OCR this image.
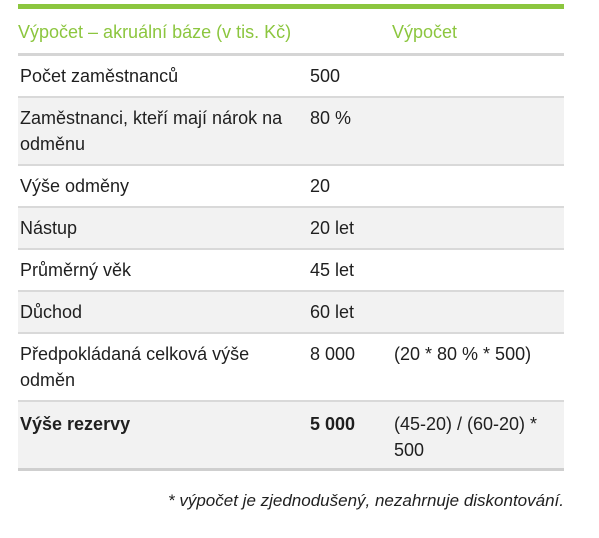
Výpočet – akruální báze (v tis. Kč)		Výpočet
Počet zaměstnanců	500	
Zaměstnanci, kteří mají nárok na odměnu	80 %	
Výše odměny	20	
Nástup	20 let	
Průměrný věk	45 let	
Důchod	60 let	
Předpokládaná celková výše odměn	8 000	(20 * 80 % * 500)
Výše rezervy	5 000	(45-20) / (60-20) * 500
* výpočet je zjednodušený, nezahrnuje diskontování.
